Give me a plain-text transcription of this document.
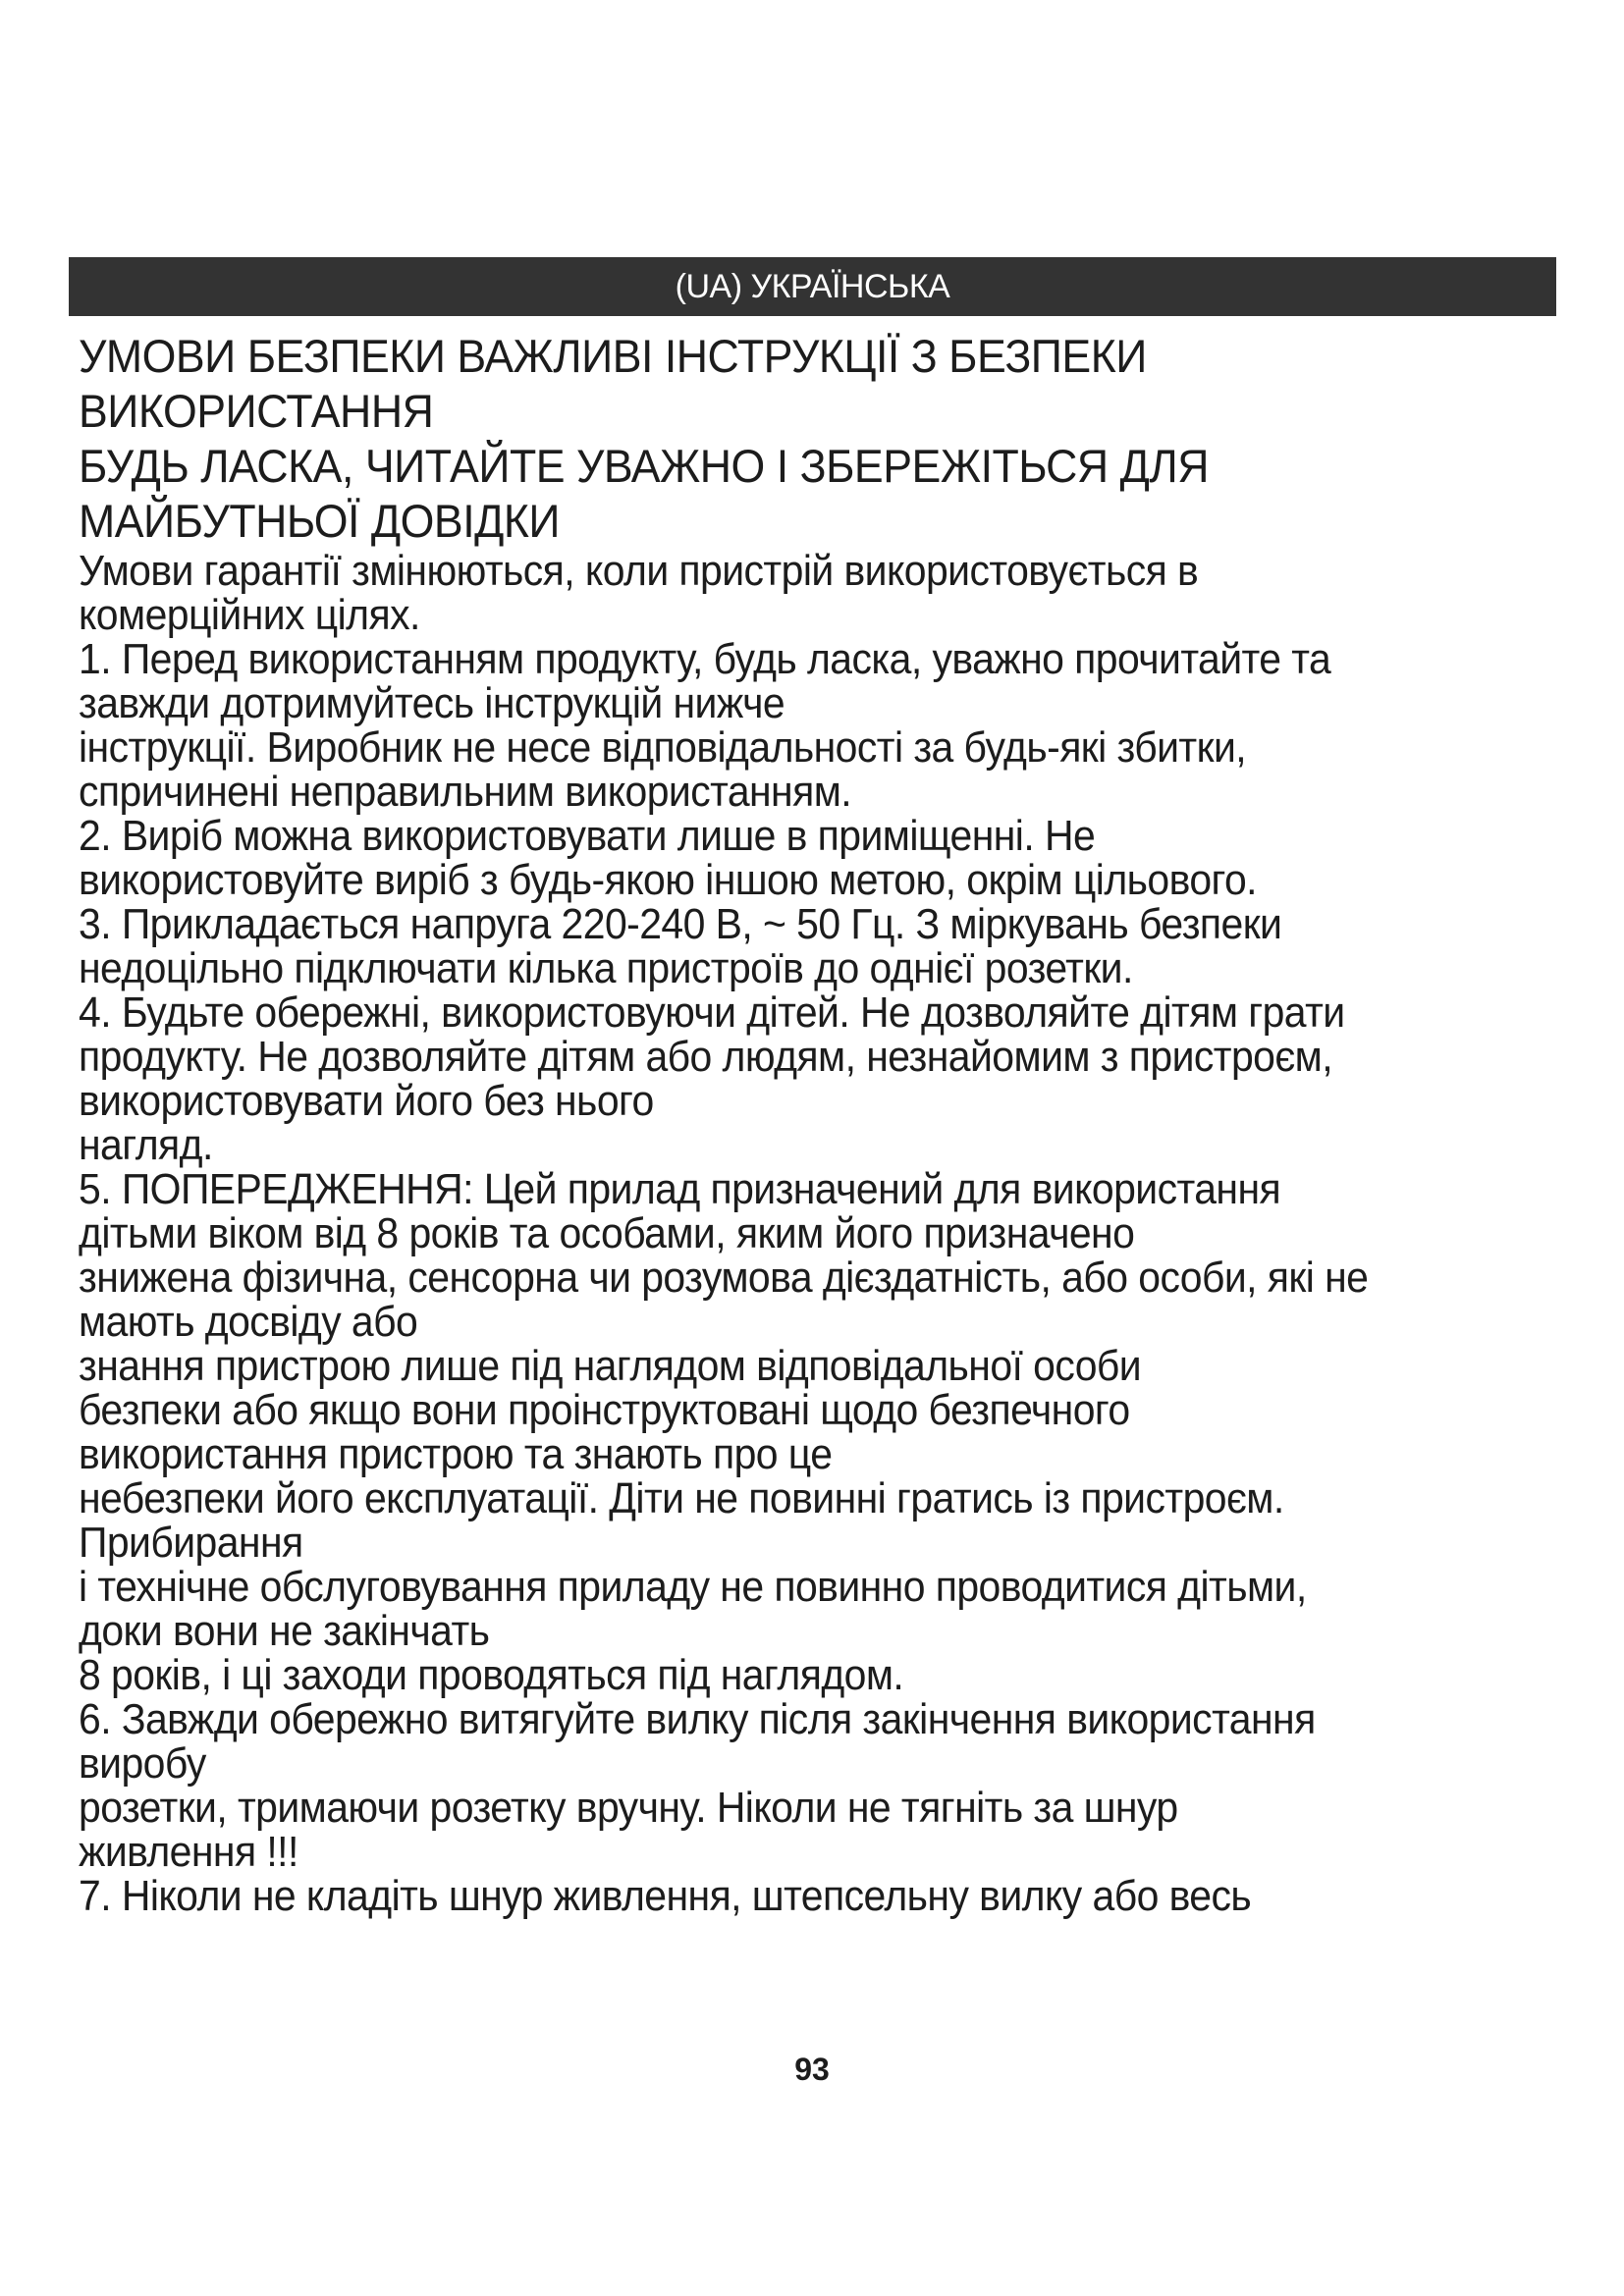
(UA) УКРАЇНСЬКА

УМОВИ БЕЗПЕКИ ВАЖЛИВІ ІНСТРУКЦІЇ З БЕЗПЕКИ

ВИКОРИСТАННЯ

БУДЬ ЛАСКА, ЧИТАЙТЕ УВАЖНО І ЗБЕРЕЖІТЬСЯ ДЛЯ

МАЙБУТНЬОЇ ДОВІДКИ

Умови гарантії змінюються, коли пристрій використовується в

комерційних цілях.

1. Перед використанням продукту, будь ласка, уважно прочитайте та

завжди дотримуйтесь інструкцій нижче

інструкції. Виробник не несе відповідальності за будь-які збитки,

спричинені неправильним використанням.

2. Виріб можна використовувати лише в приміщенні. Не

використовуйте виріб з будь-якою іншою метою, окрім цільового.

3. Прикладається напруга 220-240 В, ~ 50 Гц. З міркувань безпеки

недоцільно підключати кілька пристроїв до однієї розетки.

4. Будьте обережні, використовуючи дітей. Не дозволяйте дітям грати

продукту. Не дозволяйте дітям або людям, незнайомим з пристроєм,

використовувати його без нього

нагляд.

5. ПОПЕРЕДЖЕННЯ: Цей прилад призначений для використання

дітьми віком від 8 років та особами, яким його призначено

знижена фізична, сенсорна чи розумова дієздатність, або особи, які не

мають досвіду або

знання пристрою лише під наглядом відповідальної особи

безпеки або якщо вони проінструктовані щодо безпечного

використання пристрою та знають про це

небезпеки його експлуатації. Діти не повинні гратись із пристроєм.

Прибирання

і технічне обслуговування приладу не повинно проводитися дітьми,

доки вони не закінчать

8 років, і ці заходи проводяться під наглядом.

6. Завжди обережно витягуйте вилку після закінчення використання

виробу

розетки, тримаючи розетку вручну. Ніколи не тягніть за шнур

живлення !!!

7. Ніколи не кладіть шнур живлення, штепсельну вилку або весь

93
